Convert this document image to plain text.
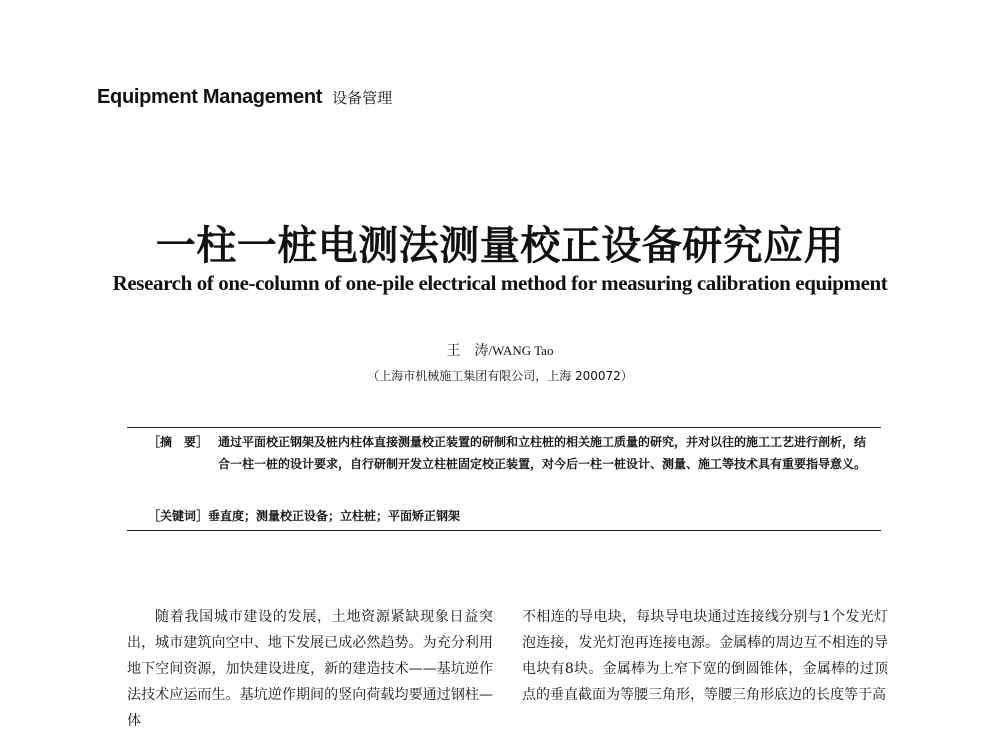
Equipment Management 设备管理
一柱一桩电测法测量校正设备研究应用
Research of one-column of one-pile electrical method for measuring calibration equipment
王　涛/WANG Tao
（上海市机械施工集团有限公司，上海 200072）
［摘　要］ 通过平面校正钢架及桩内柱体直接测量校正装置的研制和立柱桩的相关施工质量的研究，并对以往的施工工艺进行剖析，结合一柱一桩的设计要求，自行研制开发立柱桩固定校正装置，对今后一柱一桩设计、测量、施工等技术具有重要指导意义。
［关键词］垂直度；测量校正设备；立柱桩；平面矫正钢架
随着我国城市建设的发展，土地资源紧缺现象日益突出，城市建筑向空中、地下发展已成必然趋势。为充分利用地下空间资源，加快建设进度，新的建造技术——基坑逆作法技术应运而生。基坑逆作期间的竖向荷载均要通过钢柱—体
不相连的导电块，每块导电块通过连接线分别与1个发光灯泡连接，发光灯泡再连接电源。金属棒的周边互不相连的导电块有8块。金属棒为上窄下宽的倒圆锥体，金属棒的过顶点的垂直截面为等腰三角形，等腰三角形底边的长度等于高
